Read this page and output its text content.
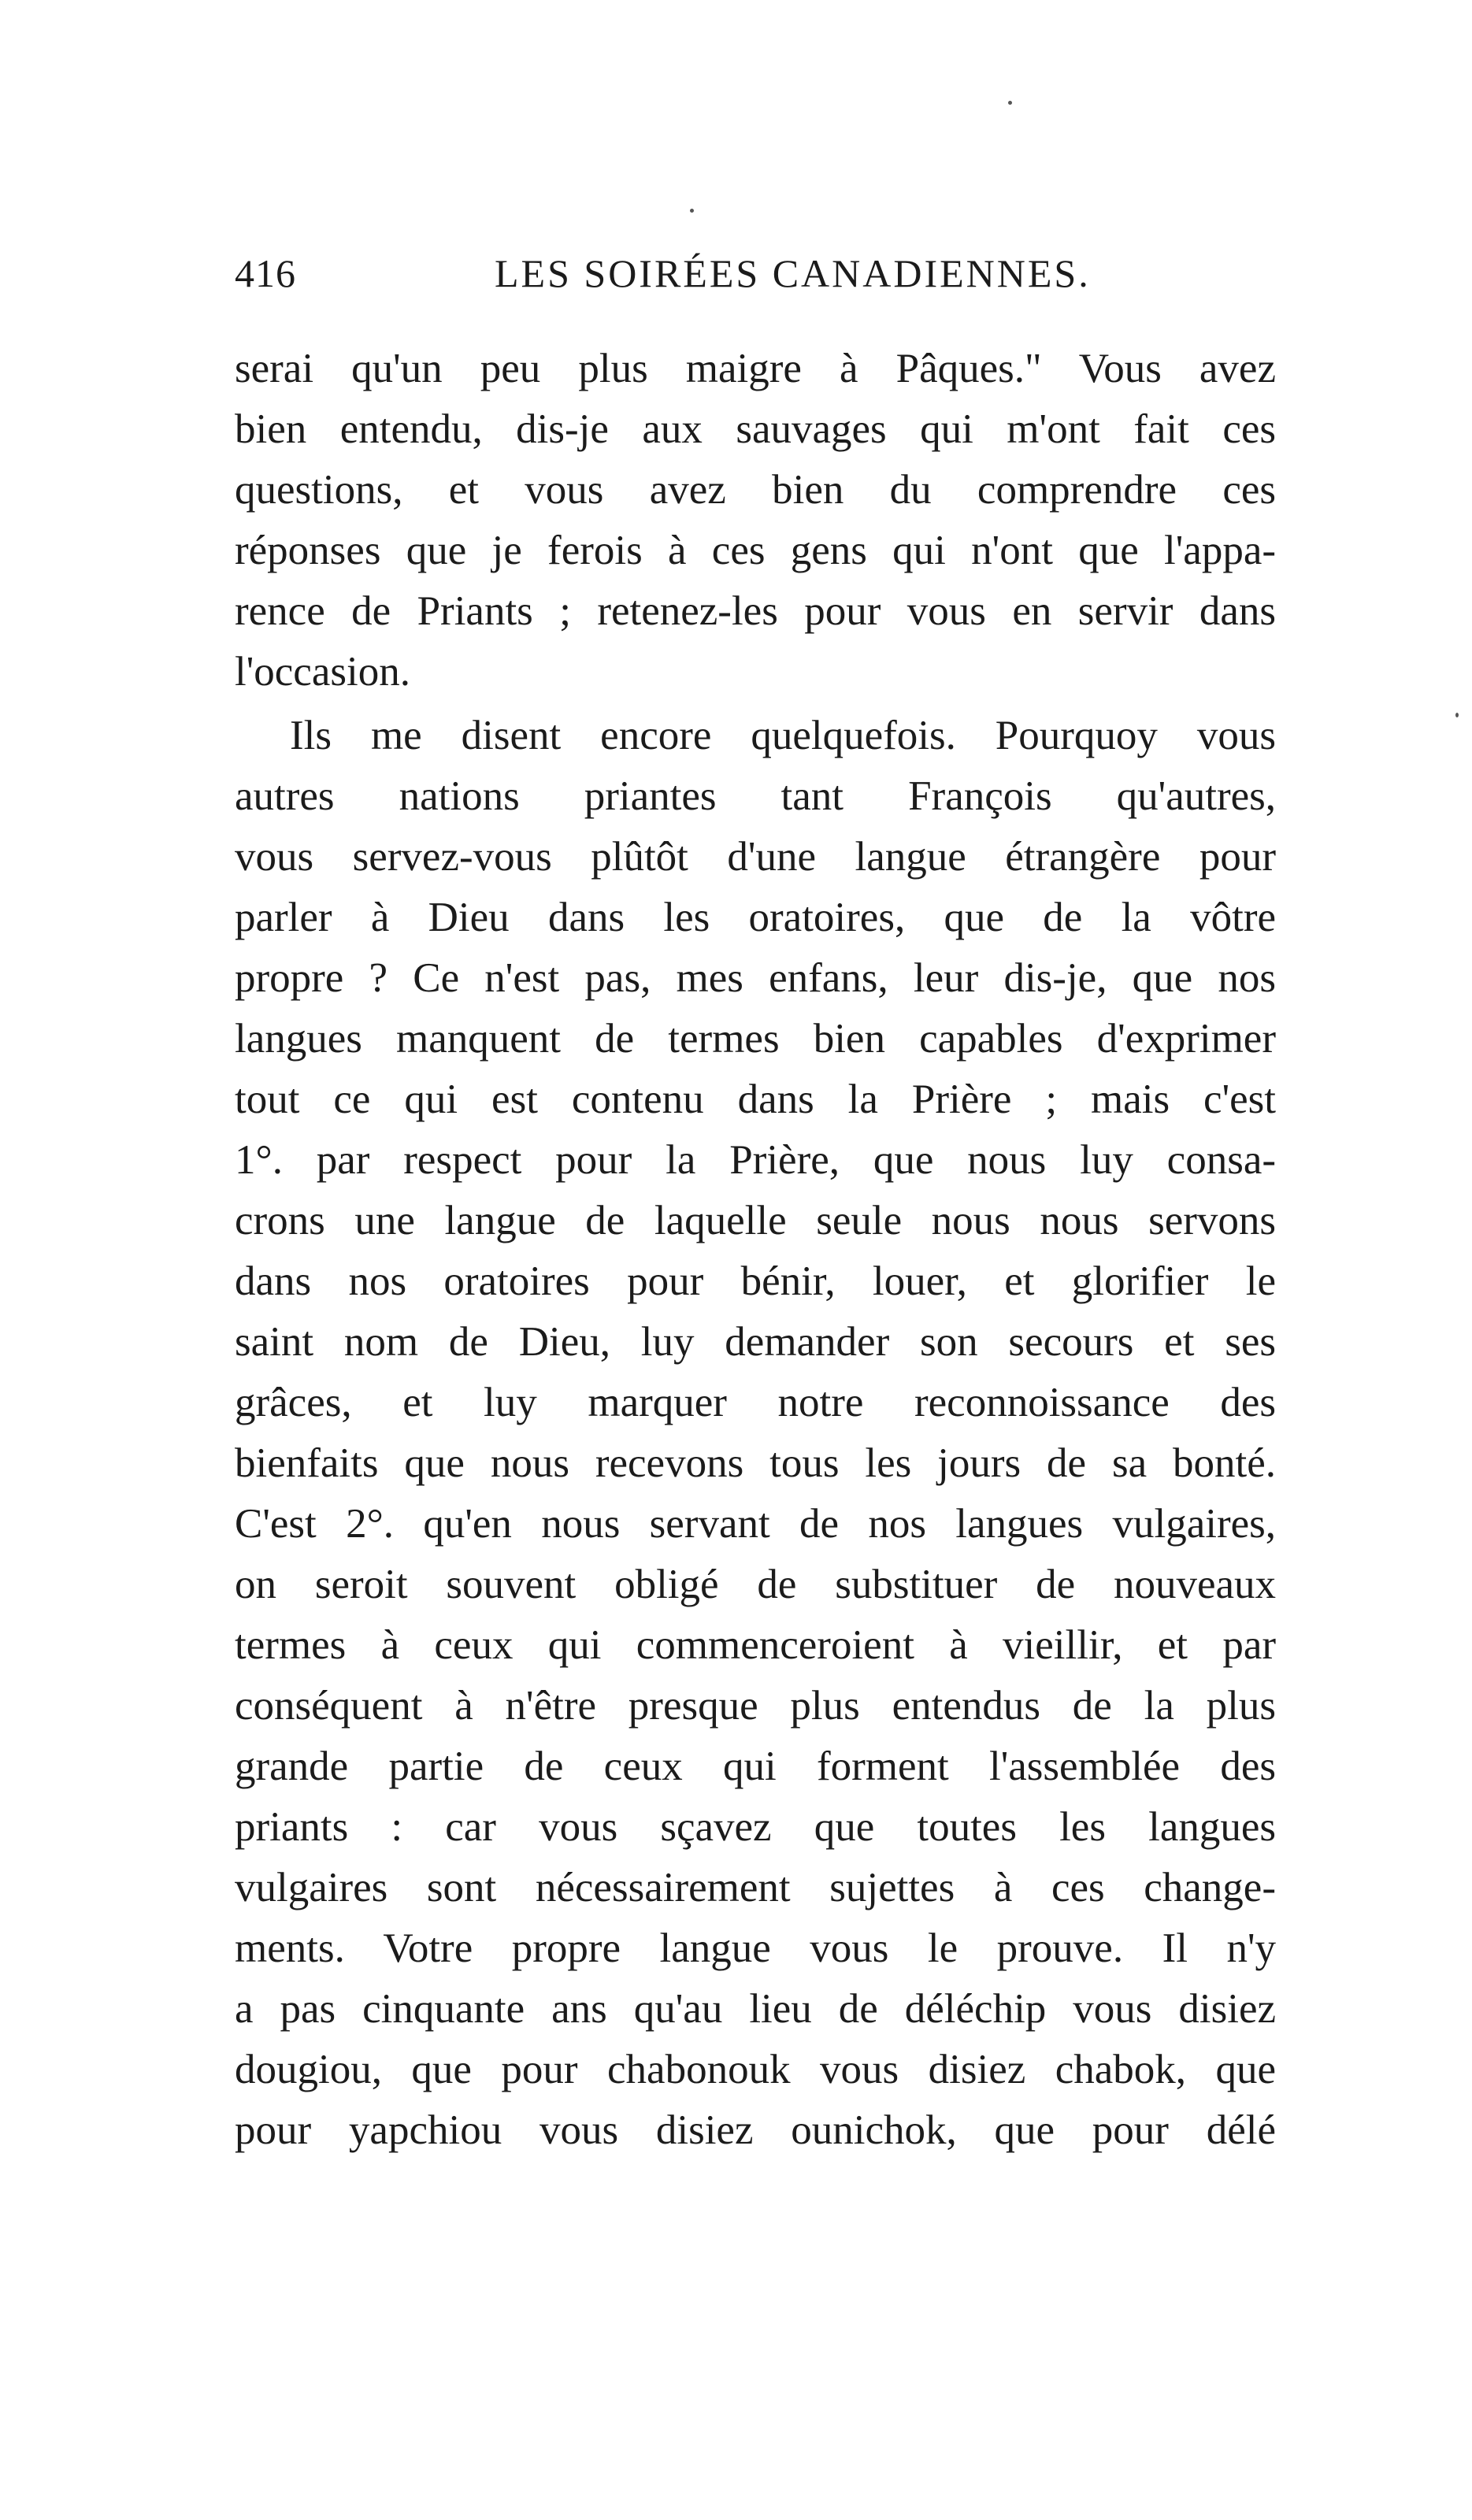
416	LES SOIRÉES CANADIENNES.
serai qu'un peu plus maigre à Pâques." Vous avez
bien entendu, dis-je aux sauvages qui m'ont fait ces
questions, et vous avez bien du comprendre ces
réponses que je ferois à ces gens qui n'ont que l'appa-
rence de Priants ; retenez-les pour vous en servir dans
l'occasion.
Ils me disent encore quelquefois. Pourquoy vous
autres nations priantes tant François qu'autres,
vous servez-vous plûtôt d'une langue étrangère pour
parler à Dieu dans les oratoires, que de la vôtre
propre ? Ce n'est pas, mes enfans, leur dis-je, que nos
langues manquent de termes bien capables d'exprimer
tout ce qui est contenu dans la Prière ; mais c'est
1°. par respect pour la Prière, que nous luy consa-
crons une langue de laquelle seule nous nous servons
dans nos oratoires pour bénir, louer, et glorifier le
saint nom de Dieu, luy demander son secours et ses
grâces, et luy marquer notre reconnoissance des
bienfaits que nous recevons tous les jours de sa bonté.
C'est 2°. qu'en nous servant de nos langues vulgaires,
on seroit souvent obligé de substituer de nouveaux
termes à ceux qui commenceroient à vieillir, et par
conséquent à n'être presque plus entendus de la plus
grande partie de ceux qui forment l'assemblée des
priants : car vous sçavez que toutes les langues
vulgaires sont nécessairement sujettes à ces change-
ments. Votre propre langue vous le prouve. Il n'y
a pas cinquante ans qu'au lieu de déléchip vous disiez
dougiou, que pour chabonouk vous disiez chabok, que
pour yapchiou vous disiez ounichok, que pour délé
